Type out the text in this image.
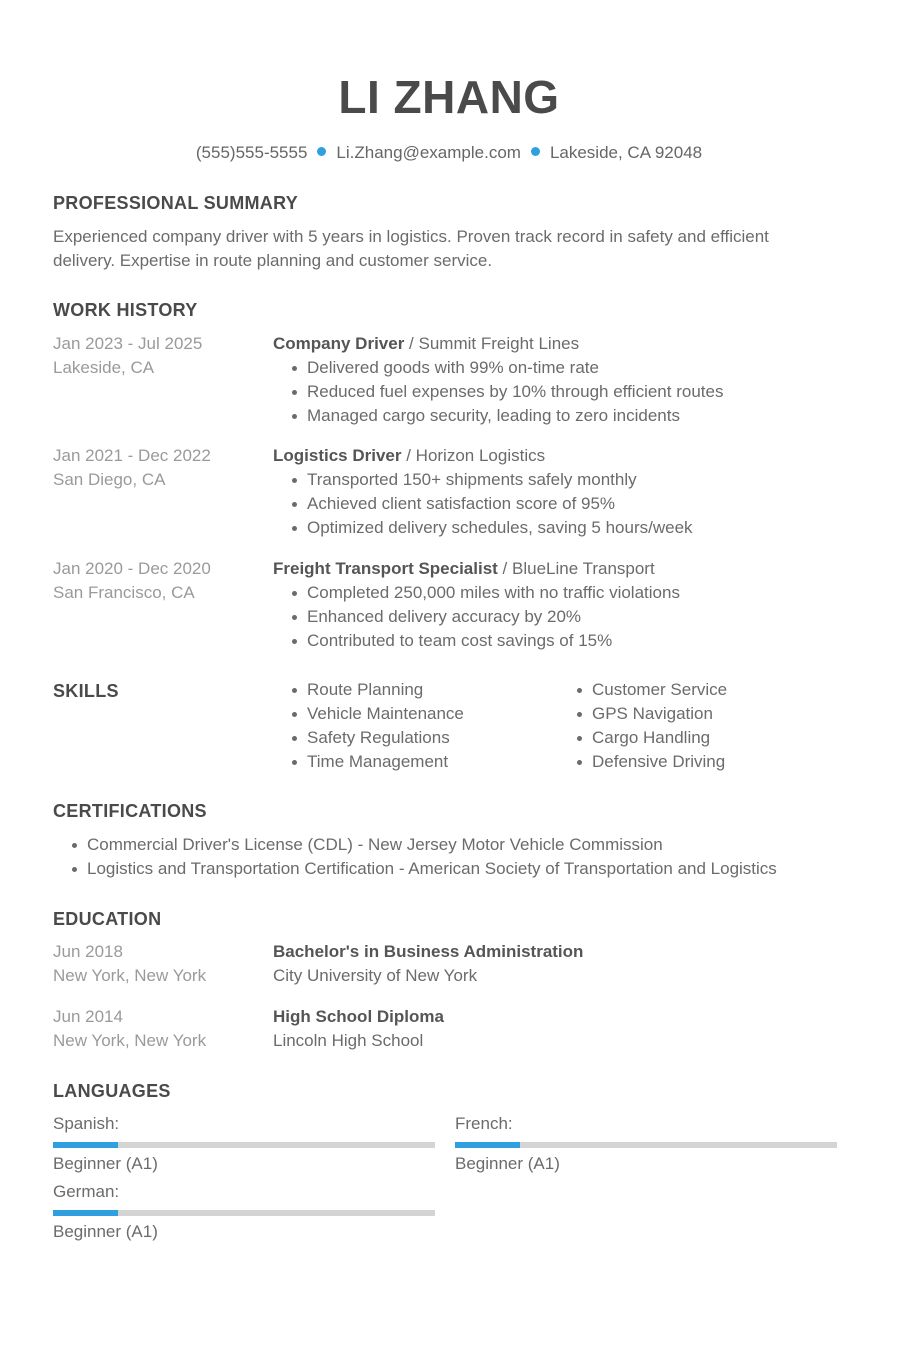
LI ZHANG
(555)555-5555 Li.Zhang@example.com Lakeside, CA 92048
PROFESSIONAL SUMMARY
Experienced company driver with 5 years in logistics. Proven track record in safety and efficient delivery. Expertise in route planning and customer service.
WORK HISTORY
Jan 2023 - Jul 2025
Lakeside, CA
Company Driver / Summit Freight Lines
Delivered goods with 99% on-time rate
Reduced fuel expenses by 10% through efficient routes
Managed cargo security, leading to zero incidents
Jan 2021 - Dec 2022
San Diego, CA
Logistics Driver / Horizon Logistics
Transported 150+ shipments safely monthly
Achieved client satisfaction score of 95%
Optimized delivery schedules, saving 5 hours/week
Jan 2020 - Dec 2020
San Francisco, CA
Freight Transport Specialist / BlueLine Transport
Completed 250,000 miles with no traffic violations
Enhanced delivery accuracy by 20%
Contributed to team cost savings of 15%
SKILLS	Route Planning
Vehicle Maintenance
Safety Regulations
Time Management
Customer Service
GPS Navigation
Cargo Handling
Defensive Driving
CERTIFICATIONS
Commercial Driver's License (CDL) - New Jersey Motor Vehicle Commission
Logistics and Transportation Certification - American Society of Transportation and Logistics
EDUCATION
Jun 2018
New York, New York
Bachelor's in Business Administration
City University of New York
Jun 2014
New York, New York
High School Diploma
Lincoln High School
LANGUAGES
Spanish:
Beginner (A1)
French:
Beginner (A1)
German:
Beginner (A1)
